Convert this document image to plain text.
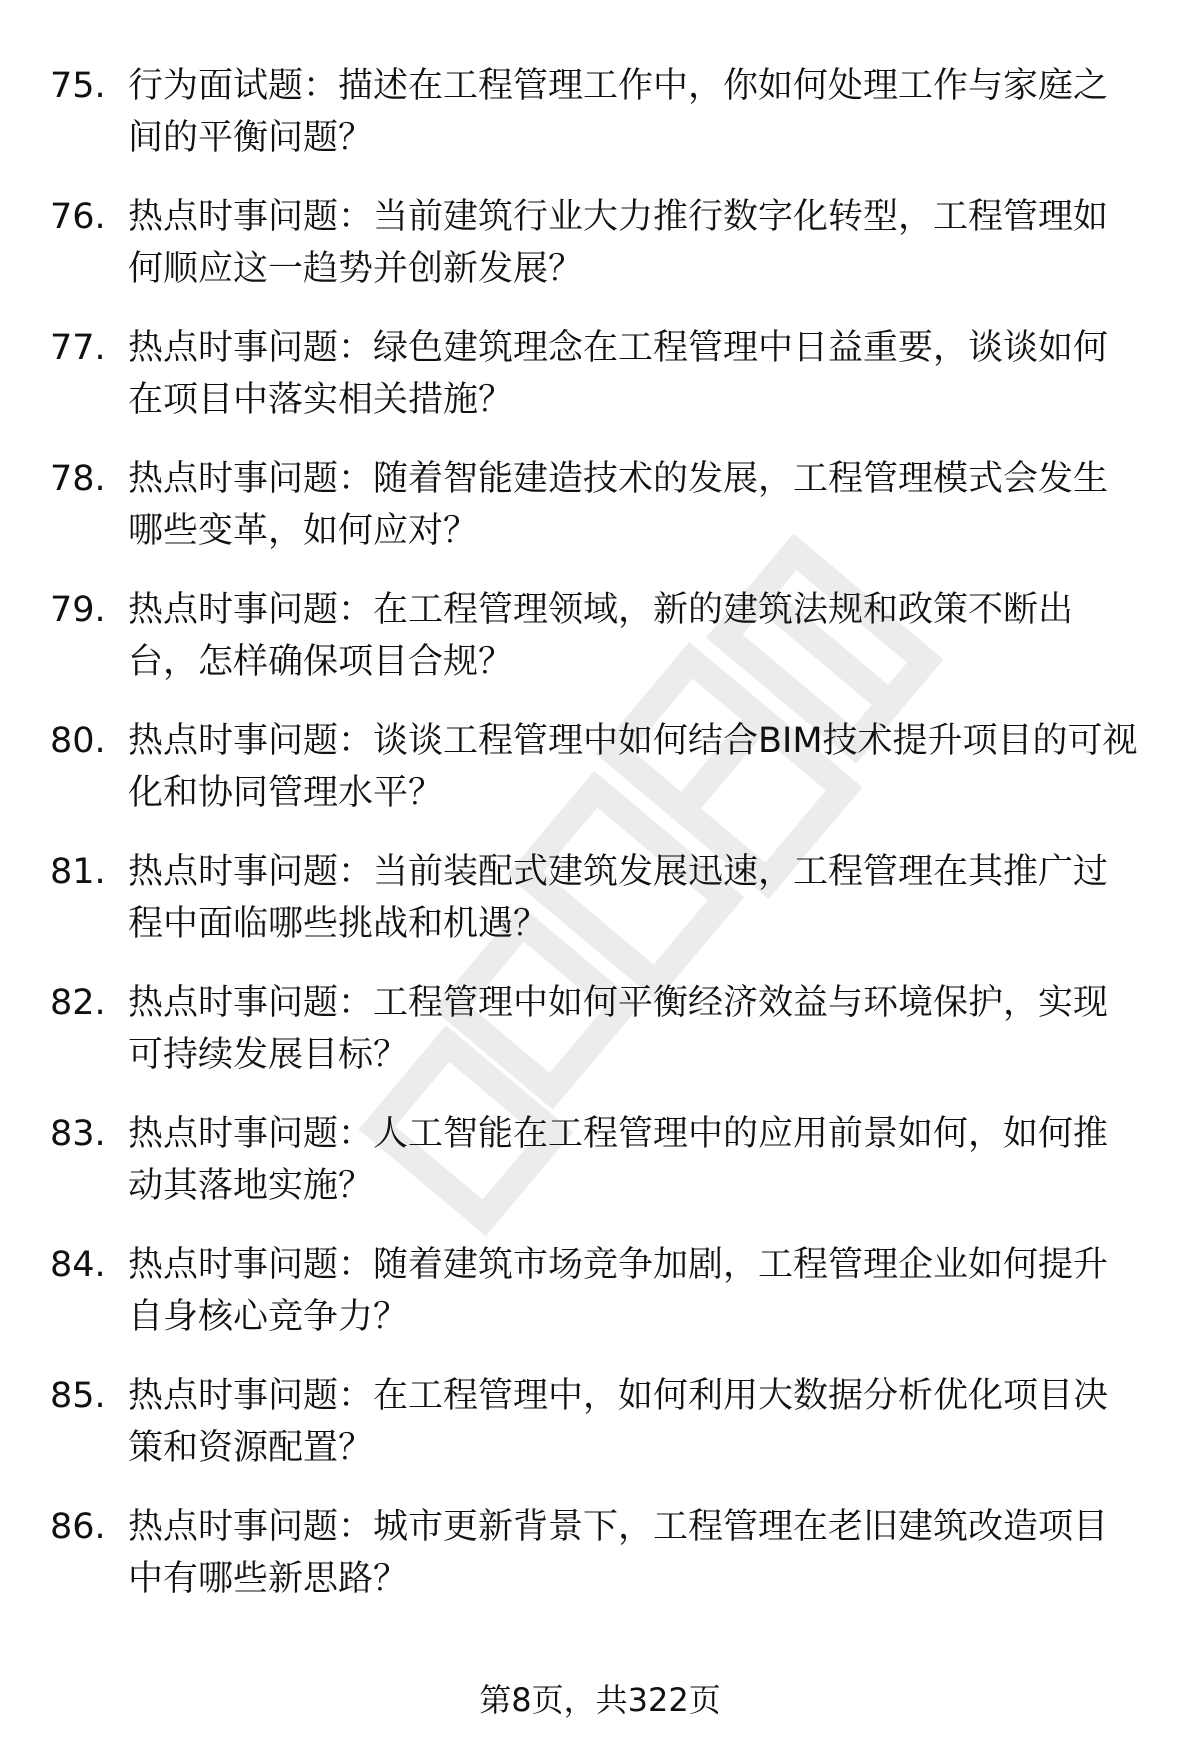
75. 行为面试题：描述在工程管理工作中，你如何处理工作与家庭之间的平衡问题？
76. 热点时事问题：当前建筑行业大力推行数字化转型，工程管理如何顺应这一趋势并创新发展？
77. 热点时事问题：绿色建筑理念在工程管理中日益重要，谈谈如何在项目中落实相关措施？
78. 热点时事问题：随着智能建造技术的发展，工程管理模式会发生哪些变革，如何应对？
79. 热点时事问题：在工程管理领域，新的建筑法规和政策不断出台，怎样确保项目合规？
80. 热点时事问题：谈谈工程管理中如何结合BIM技术提升项目的可视化和协同管理水平？
81. 热点时事问题：当前装配式建筑发展迅速，工程管理在其推广过程中面临哪些挑战和机遇？
82. 热点时事问题：工程管理中如何平衡经济效益与环境保护，实现可持续发展目标？
83. 热点时事问题：人工智能在工程管理中的应用前景如何，如何推动其落地实施？
84. 热点时事问题：随着建筑市场竞争加剧，工程管理企业如何提升自身核心竞争力？
85. 热点时事问题：在工程管理中，如何利用大数据分析优化项目决策和资源配置？
86. 热点时事问题：城市更新背景下，工程管理在老旧建筑改造项目中有哪些新思路？
第8页，共322页
